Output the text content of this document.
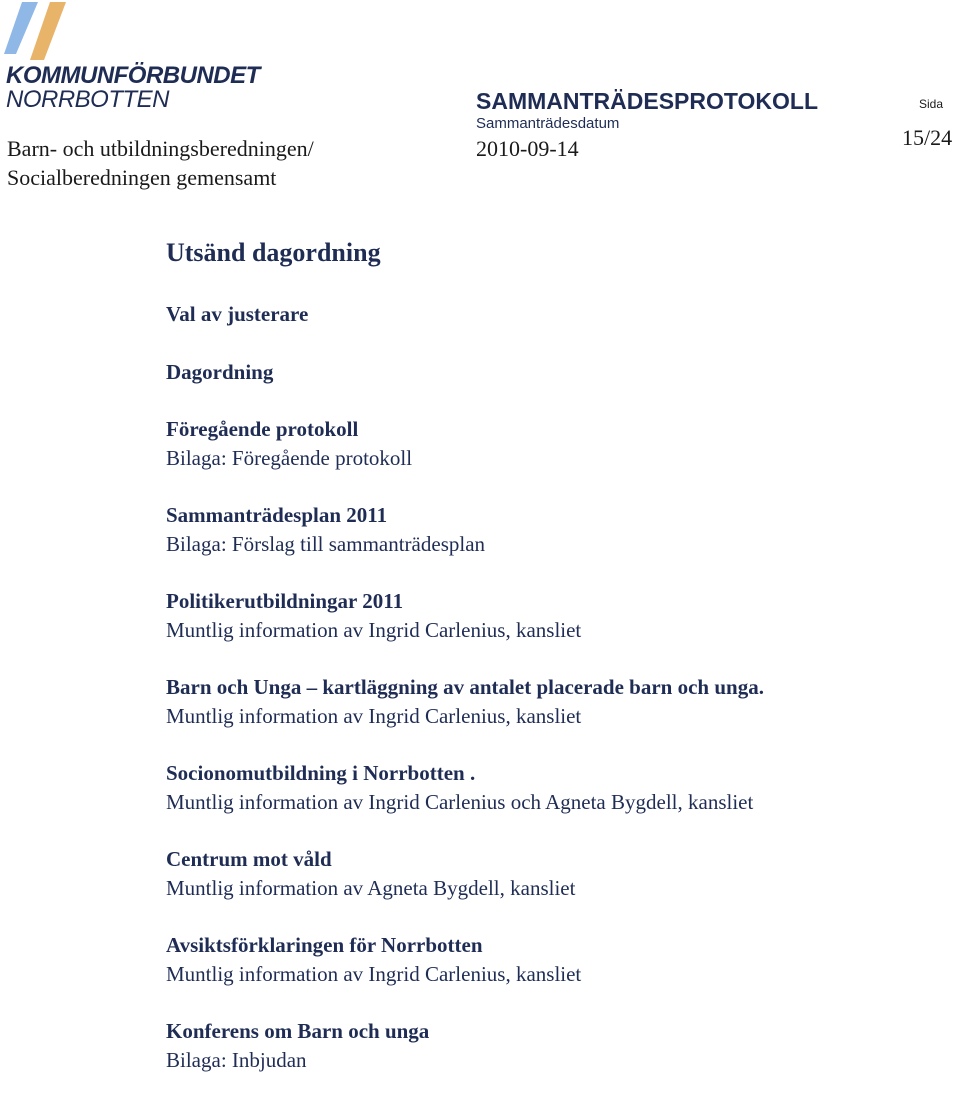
KOMMUNFÖRBUNDET
NORRBOTTEN
Barn- och utbildningsberedningen/
Socialberedningen gemensamt
SAMMANTRÄDESPROTOKOLL
Sammanträdesdatum
2010-09-14
Sida
15/24
Utsänd dagordning
Val av justerare
Dagordning
Föregående protokoll
Bilaga: Föregående protokoll
Sammanträdesplan 2011
Bilaga: Förslag till sammanträdesplan
Politikerutbildningar 2011
Muntlig information av Ingrid Carlenius, kansliet
Barn och Unga – kartläggning av antalet placerade barn och unga.
Muntlig information av Ingrid Carlenius, kansliet
Socionomutbildning i Norrbotten .
Muntlig information av Ingrid Carlenius och Agneta Bygdell, kansliet
Centrum mot våld
Muntlig information av Agneta Bygdell, kansliet
Avsiktsförklaringen för Norrbotten
Muntlig information av Ingrid Carlenius, kansliet
Konferens om Barn och unga
Bilaga: Inbjudan
